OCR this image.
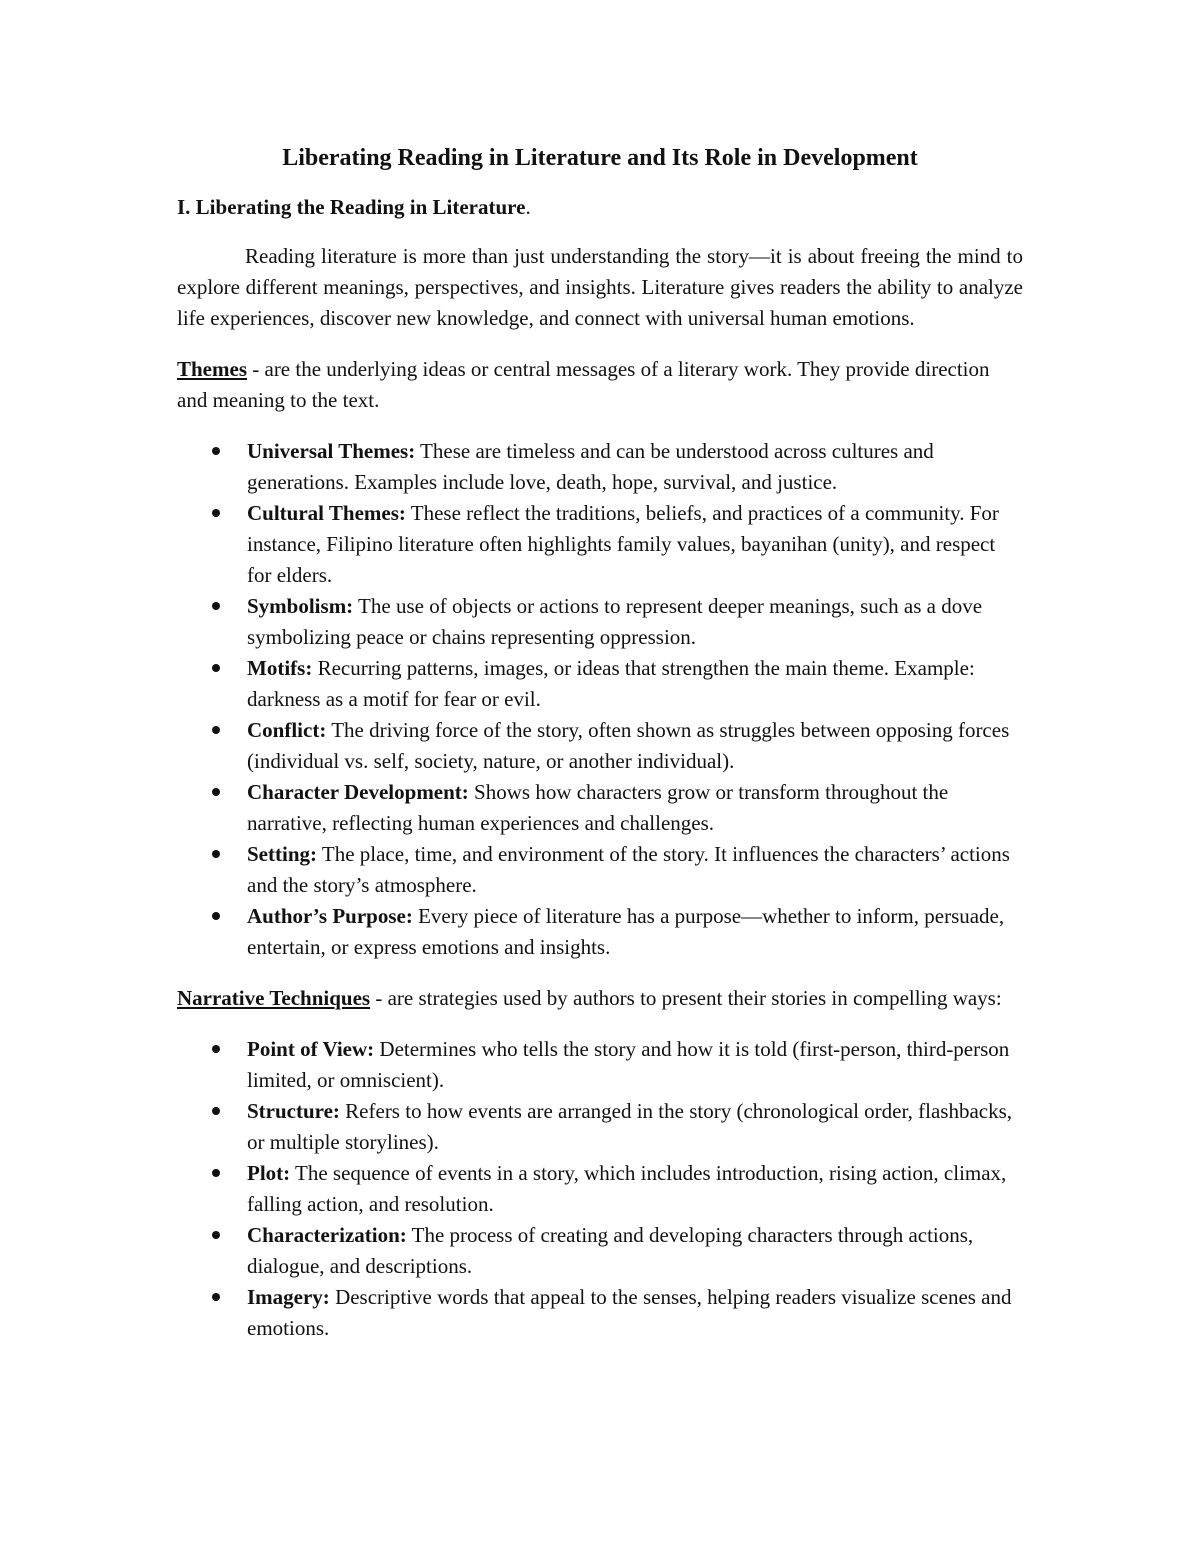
Liberating Reading in Literature and Its Role in Development
I. Liberating the Reading in Literature.

Reading literature is more than just understanding the story—it is about freeing the mind to explore different meanings, perspectives, and insights. Literature gives readers the ability to analyze life experiences, discover new knowledge, and connect with universal human emotions.

Themes - are the underlying ideas or central messages of a literary work. They provide direction and meaning to the text.

Universal Themes: These are timeless and can be understood across cultures and generations. Examples include love, death, hope, survival, and justice.
Cultural Themes: These reflect the traditions, beliefs, and practices of a community. For instance, Filipino literature often highlights family values, bayanihan (unity), and respect for elders.
Symbolism: The use of objects or actions to represent deeper meanings, such as a dove symbolizing peace or chains representing oppression.
Motifs: Recurring patterns, images, or ideas that strengthen the main theme. Example: darkness as a motif for fear or evil.
Conflict: The driving force of the story, often shown as struggles between opposing forces (individual vs. self, society, nature, or another individual).
Character Development: Shows how characters grow or transform throughout the narrative, reflecting human experiences and challenges.
Setting: The place, time, and environment of the story. It influences the characters’ actions and the story’s atmosphere.
Author’s Purpose: Every piece of literature has a purpose—whether to inform, persuade, entertain, or express emotions and insights.

Narrative Techniques - are strategies used by authors to present their stories in compelling ways:

Point of View: Determines who tells the story and how it is told (first-person, third-person limited, or omniscient).
Structure: Refers to how events are arranged in the story (chronological order, flashbacks, or multiple storylines).
Plot: The sequence of events in a story, which includes introduction, rising action, climax, falling action, and resolution.
Characterization: The process of creating and developing characters through actions, dialogue, and descriptions.
Imagery: Descriptive words that appeal to the senses, helping readers visualize scenes and emotions.
